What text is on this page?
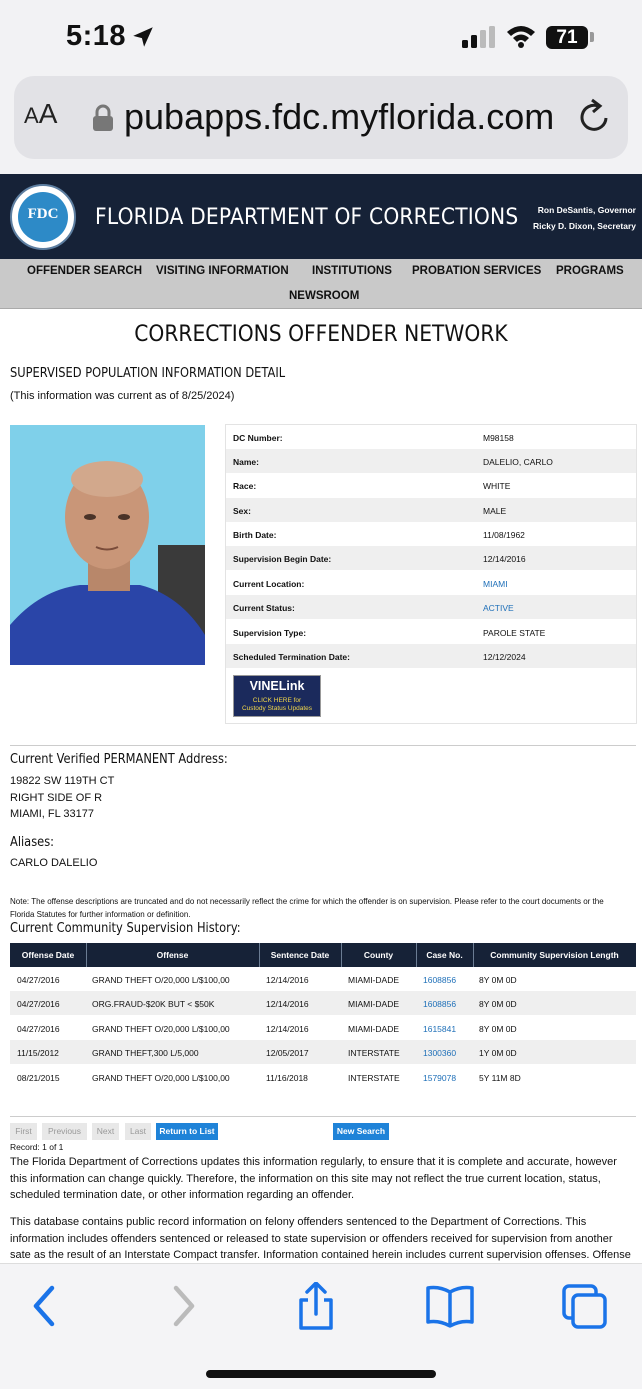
5:18	71
AA pubapps.fdc.myflorida.com
FDC	FLORIDA DEPARTMENT OF CORRECTIONS	Ron DeSantis, Governor
Ricky D. Dixon, Secretary
OFFENDER SEARCH VISITING INFORMATION INSTITUTIONS PROBATION SERVICES PROGRAMS
NEWSROOM
CORRECTIONS OFFENDER NETWORK
SUPERVISED POPULATION INFORMATION DETAIL
(This information was current as of 8/25/2024)
DC Number:	M98158
Name:	DALELIO, CARLO
Race:	WHITE
Sex:	MALE
Birth Date:	11/08/1962
Supervision Begin Date:	12/14/2016
Current Location:	MIAMI
Current Status:	ACTIVE
Supervision Type:	PAROLE STATE
Scheduled Termination Date:	12/12/2024
VINELink
CLICK HERE for
Custody Status Updates
Current Verified PERMANENT Address:
19822 SW 119TH CT
RIGHT SIDE OF R
MIAMI, FL 33177
Aliases:
CARLO DALELIO
Note: The offense descriptions are truncated and do not necessarily reflect the crime for which the offender is on supervision. Please refer to the court documents or the Florida Statutes for further information or definition.
Current Community Supervision History:
Offense Date	Offense	Sentence Date	County	Case No.	Community Supervision Length
04/27/2016	GRAND THEFT O/20,000 L/$100,00	12/14/2016	MIAMI-DADE	1608856	8Y 0M 0D
04/27/2016	ORG.FRAUD-$20K BUT < $50K	12/14/2016	MIAMI-DADE	1608856	8Y 0M 0D
04/27/2016	GRAND THEFT O/20,000 L/$100,00	12/14/2016	MIAMI-DADE	1615841	8Y 0M 0D
11/15/2012	GRAND THEFT,300 L/5,000	12/05/2017	INTERSTATE	1300360	1Y 0M 0D
08/21/2015	GRAND THEFT O/20,000 L/$100,00	11/16/2018	INTERSTATE	1579078	5Y 11M 8D
First	Previous	Next	Last	Return to List	New Search
Record: 1 of 1
The Florida Department of Corrections updates this information regularly, to ensure that it is complete and accurate, however this information can change quickly. Therefore, the information on this site may not reflect the true current location, status, scheduled termination date, or other information regarding an offender.
This database contains public record information on felony offenders sentenced to the Department of Corrections. This information includes offenders sentenced or released to state supervision or offenders received for supervision from another sate as the result of an Interstate Compact transfer. Information contained herein includes current supervision offenses. Offense
